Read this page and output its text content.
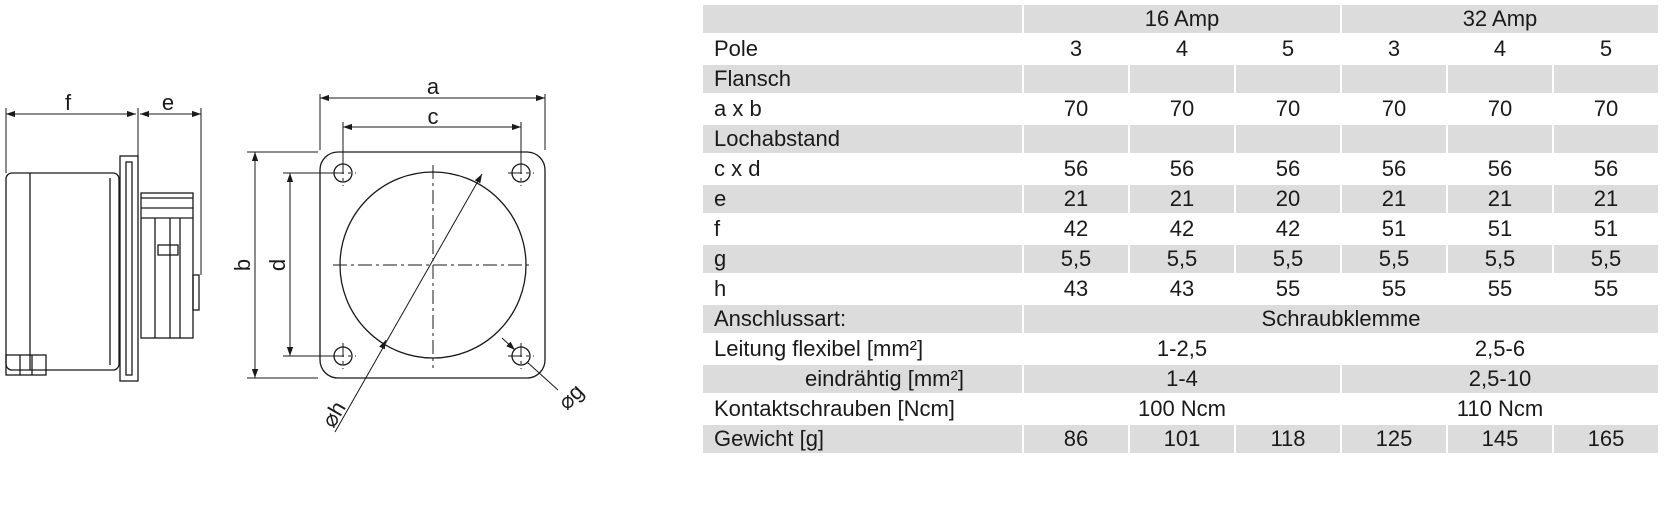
f	e
a
c
b d
⌀h	⌀g
	16 Amp			32 Amp		
Pole	3	4	5	3	4	5
Flansch						
a x b	70	70	70	70	70	70
Lochabstand						
c x d	56	56	56	56	56	56
e	21	21	20	21	21	21
f	42	42	42	51	51	51
g	5,5	5,5	5,5	5,5	5,5	5,5
h	43	43	55	55	55	55
Anschlussart:	Schraubklemme					
Leitung flexibel [mm²]	1-2,5			2,5-6		
eindrähtig [mm²]	1-4			2,5-10		
Kontaktschrauben [Ncm]	100 Ncm			110 Ncm		
Gewicht [g]	86	101	118	125	145	165
